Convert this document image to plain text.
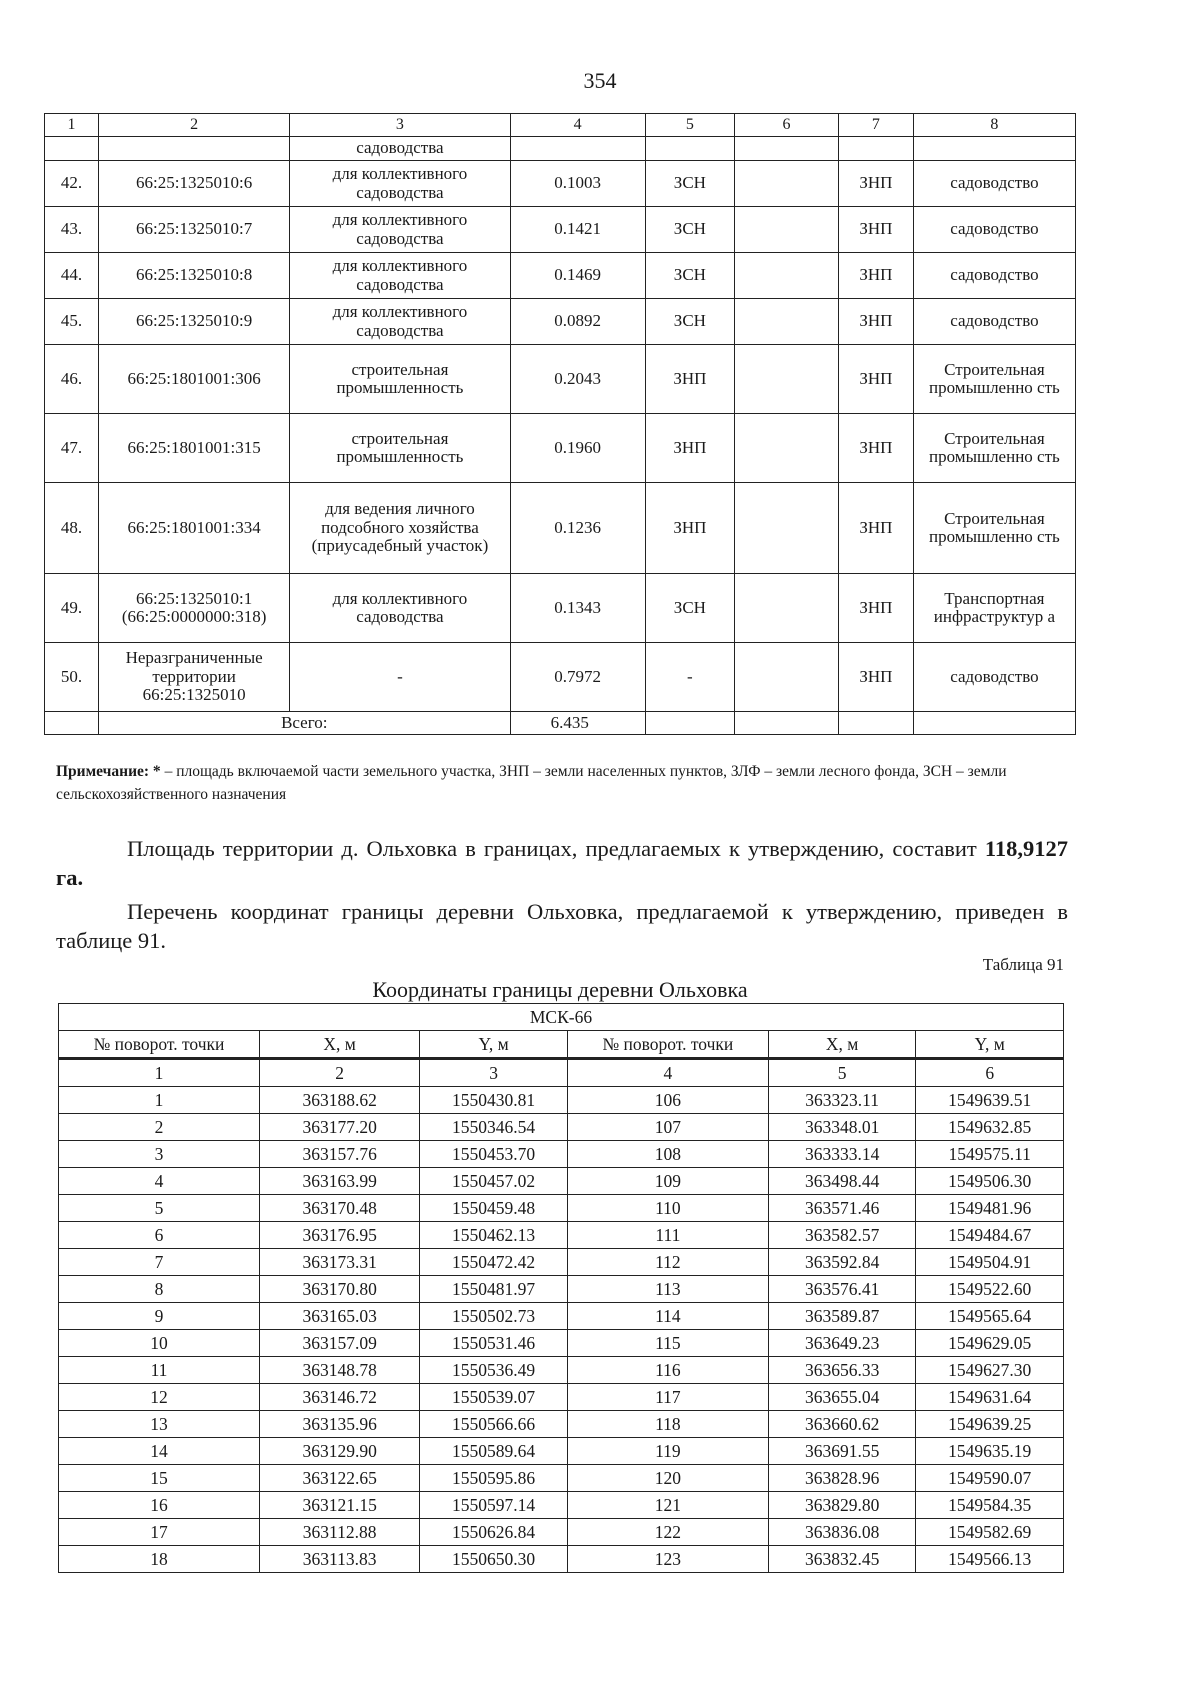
354
1	2	3	4	5	6	7	8
		садоводства					
42.	66:25:1325010:6	для коллективного садоводства	0.1003	ЗСН		ЗНП	садоводство
43.	66:25:1325010:7	для коллективного садоводства	0.1421	ЗСН		ЗНП	садоводство
44.	66:25:1325010:8	для коллективного садоводства	0.1469	ЗСН		ЗНП	садоводство
45.	66:25:1325010:9	для коллективного садоводства	0.0892	ЗСН		ЗНП	садоводство
46.	66:25:1801001:306	строительная промышленность	0.2043	ЗНП		ЗНП	Строительная промышленно сть
47.	66:25:1801001:315	строительная промышленность	0.1960	ЗНП		ЗНП	Строительная промышленно сть
48.	66:25:1801001:334	для ведения личного подсобного хозяйства (приусадебный участок)	0.1236	ЗНП		ЗНП	Строительная промышленно сть
49.	66:25:1325010:1 (66:25:0000000:318)	для коллективного садоводства	0.1343	ЗСН		ЗНП	Транспортная инфраструктур а
50.	Неразграниченные территории 66:25:1325010	-	0.7972	-		ЗНП	садоводство
	Всего:		6.435				
Примечание: * – площадь включаемой части земельного участка, ЗНП – земли населенных пунктов, ЗЛФ – земли лесного фонда, ЗСН – земли сельскохозяйственного назначения
Площадь территории д. Ольховка в границах, предлагаемых к утверждению, составит 118,9127 га.
Перечень координат границы деревни Ольховка, предлагаемой к утверждению, приведен в таблице 91.
Таблица 91
Координаты границы деревни Ольховка
МСК-66					
№ поворот. точки	X, м	Y, м	№ поворот. точки	X, м	Y, м
1	2	3	4	5	6
1	363188.62	1550430.81	106	363323.11	1549639.51
2	363177.20	1550346.54	107	363348.01	1549632.85
3	363157.76	1550453.70	108	363333.14	1549575.11
4	363163.99	1550457.02	109	363498.44	1549506.30
5	363170.48	1550459.48	110	363571.46	1549481.96
6	363176.95	1550462.13	111	363582.57	1549484.67
7	363173.31	1550472.42	112	363592.84	1549504.91
8	363170.80	1550481.97	113	363576.41	1549522.60
9	363165.03	1550502.73	114	363589.87	1549565.64
10	363157.09	1550531.46	115	363649.23	1549629.05
11	363148.78	1550536.49	116	363656.33	1549627.30
12	363146.72	1550539.07	117	363655.04	1549631.64
13	363135.96	1550566.66	118	363660.62	1549639.25
14	363129.90	1550589.64	119	363691.55	1549635.19
15	363122.65	1550595.86	120	363828.96	1549590.07
16	363121.15	1550597.14	121	363829.80	1549584.35
17	363112.88	1550626.84	122	363836.08	1549582.69
18	363113.83	1550650.30	123	363832.45	1549566.13
